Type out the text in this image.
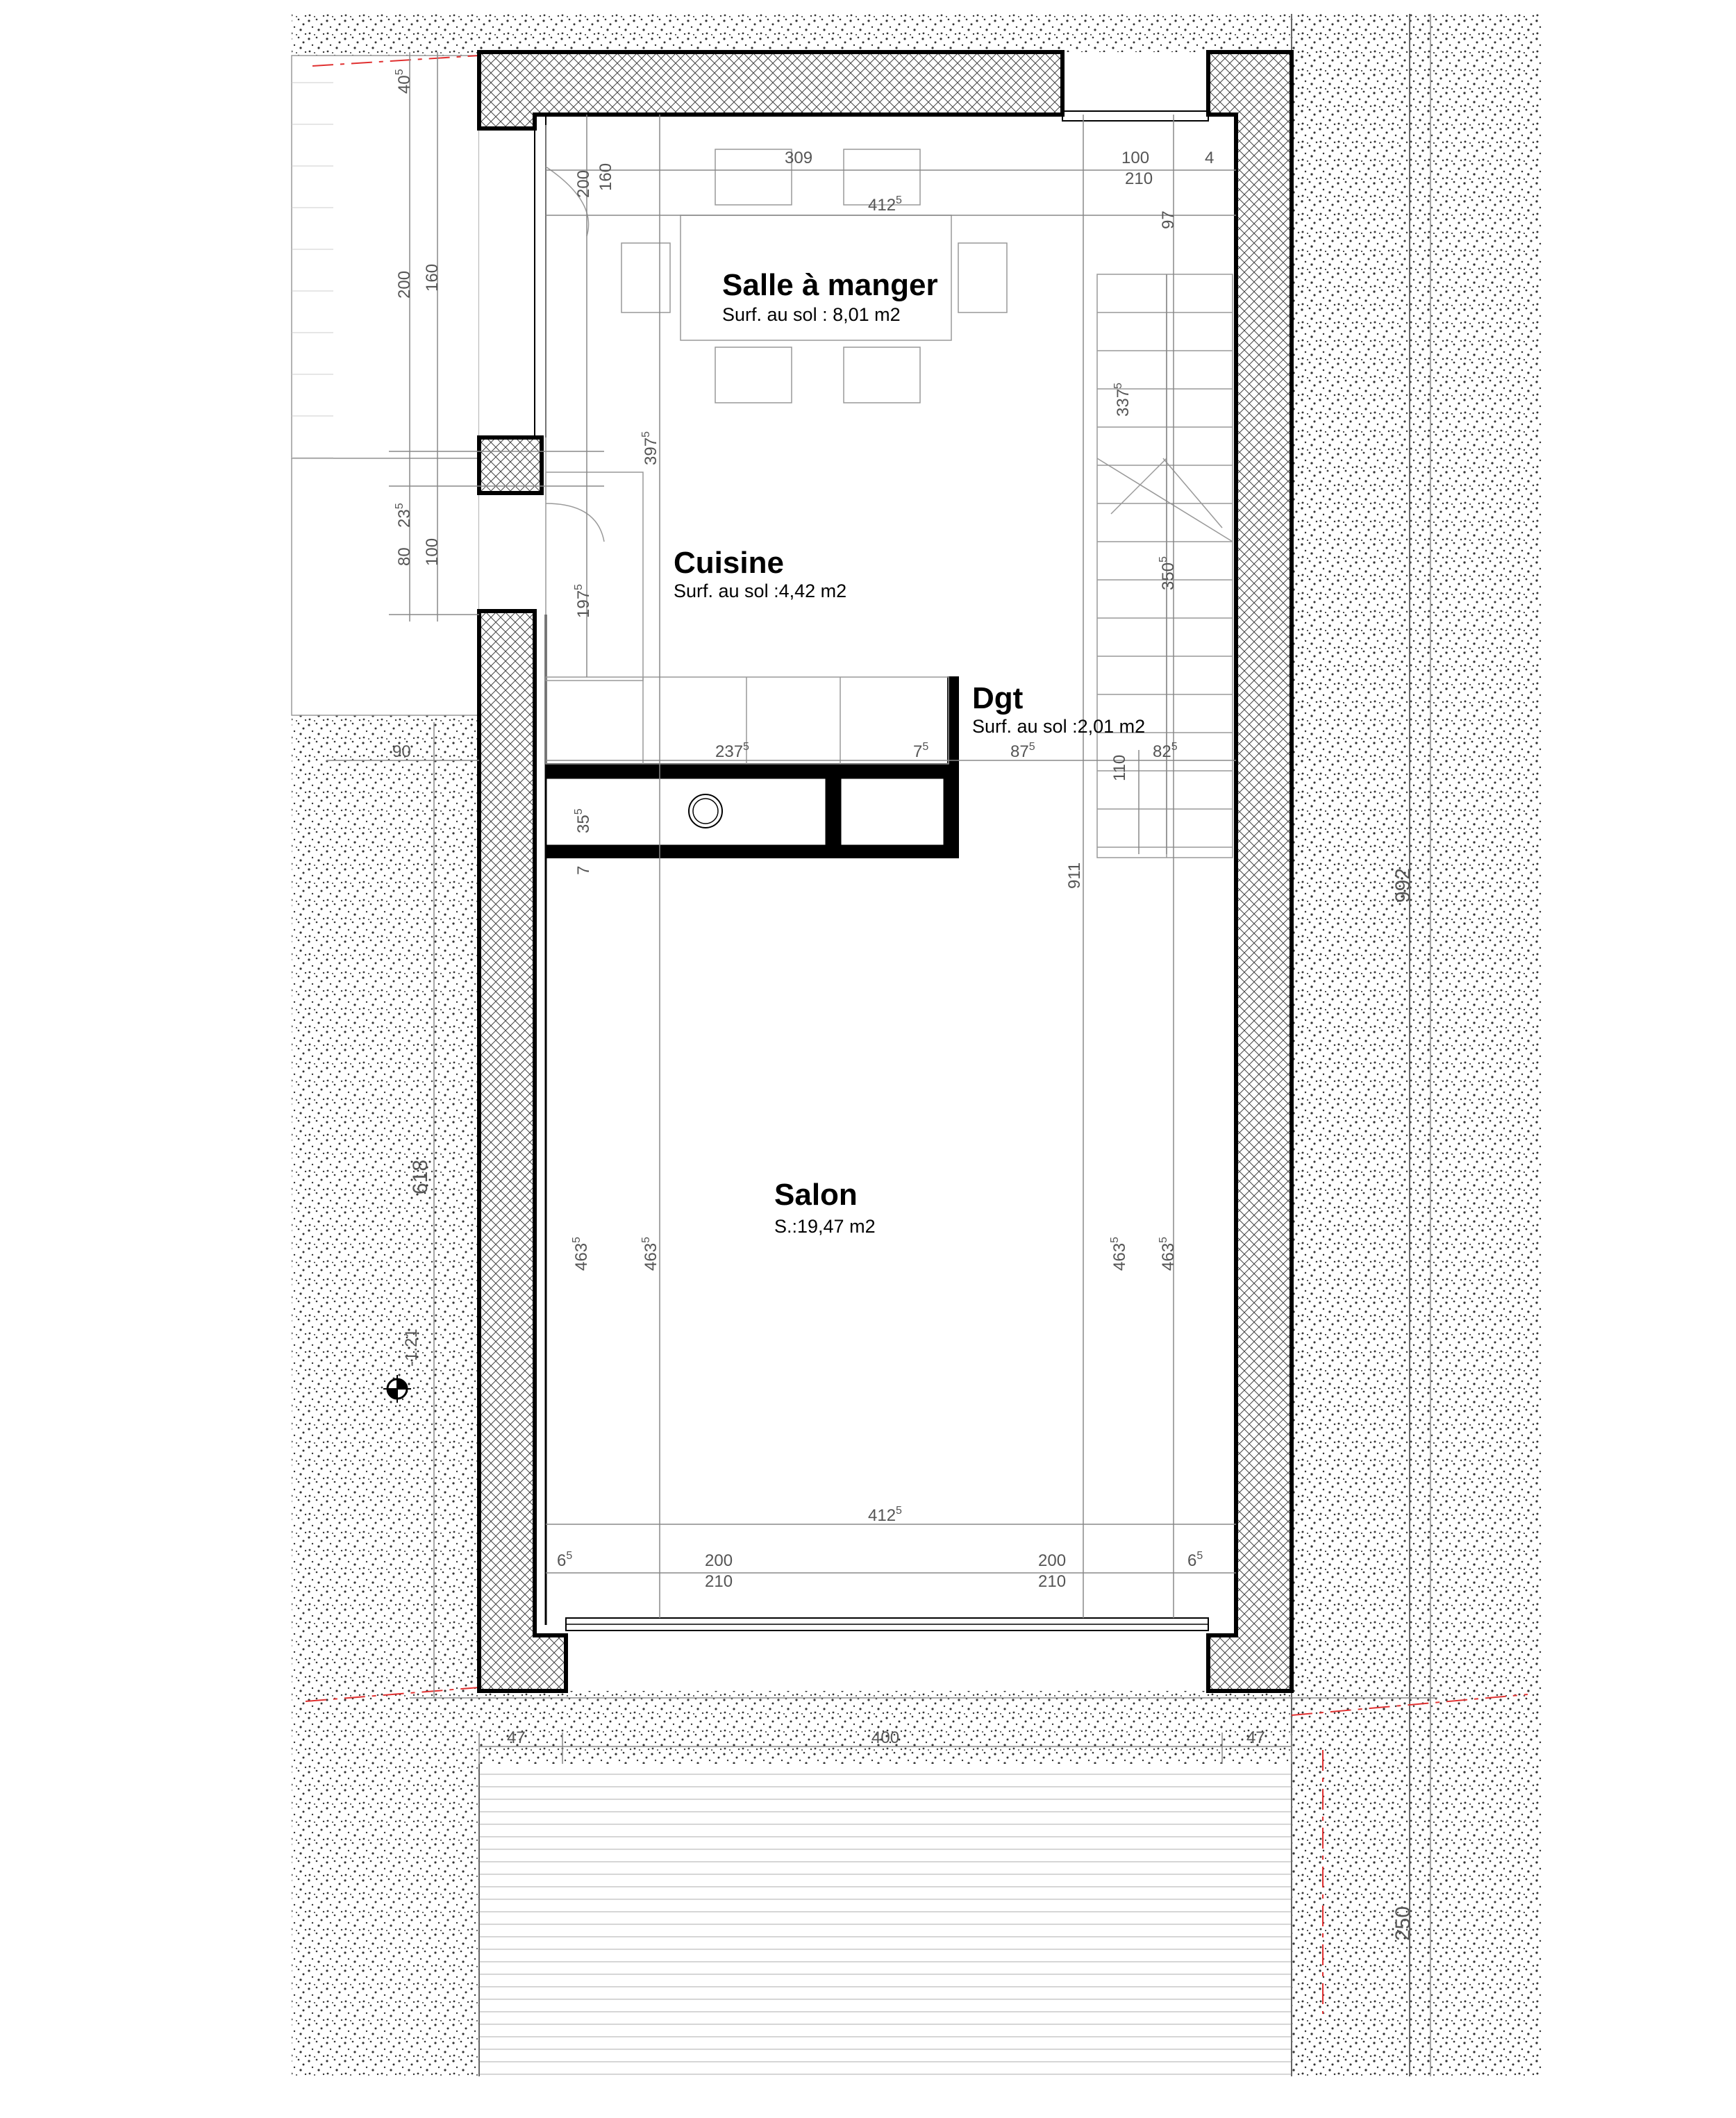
-1.21
Salle à manger
Surf. au sol : 8,01 m2
Cuisine
Surf. au sol :4,42 m2
Dgt
Surf. au sol :2,01 m2
Salon
S.:19,47 m2
309	100
210
4
$412^5$
97
$40^5$
200 160
200 160
$23^5$
80 100
$397^5$
$197^5$
$337^5$
$350^5$
90	$237^5$	$7^5$	$87^5$	$82^5$
110
$35^5$
7	911
$463^5$
$463^5$
$463^5$
$463^5$
618
992
$412^5$
$6^5$	$6^5$
200
210
200
210
47	400	47
250
